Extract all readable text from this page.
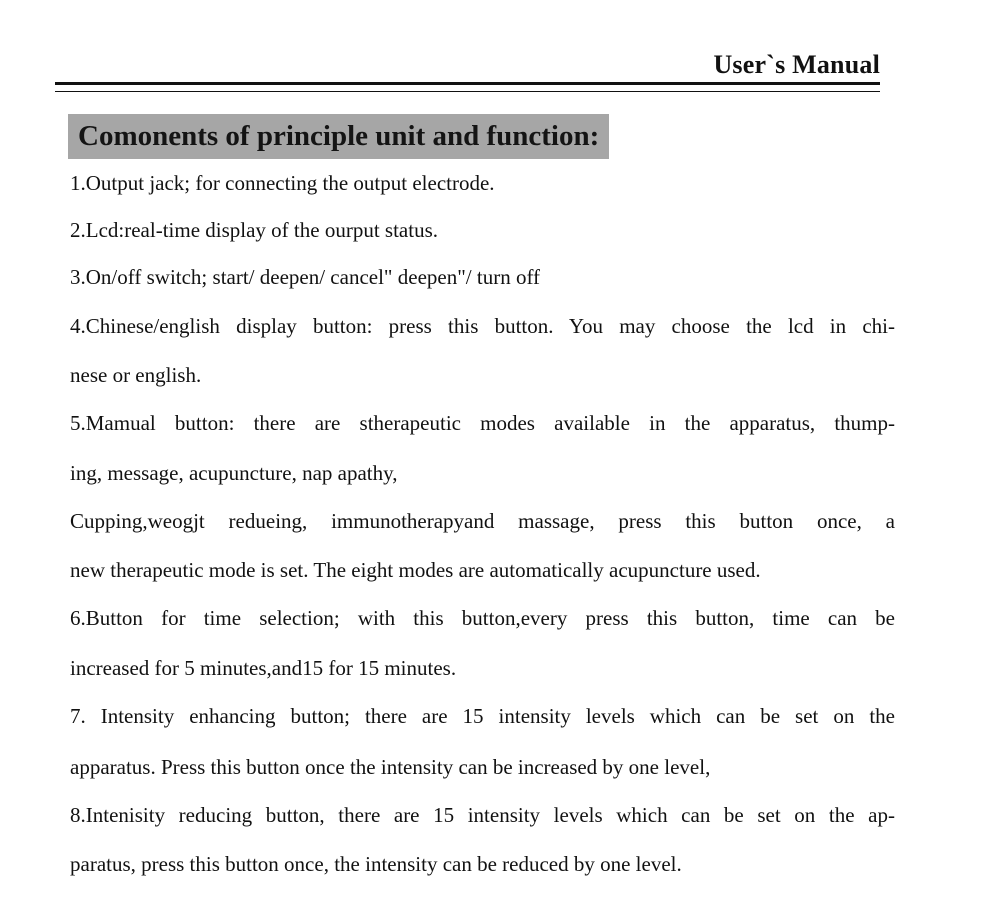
User`s Manual
Comonents of principle unit and function:
1.Output jack; for connecting the output electrode.
2.Lcd:real-time display of the ourput status.
3.On/off switch; start/ deepen/ cancel" deepen"/ turn off
4.Chinese/english display button: press this button. You may choose the lcd in chi-
nese or english.
5.Mamual button: there are stherapeutic modes available in the apparatus, thump-
ing, message, acupuncture, nap apathy,
Cupping,weogjt redueing, immunotherapyand massage, press this button once, a
new therapeutic mode is set. The eight modes are automatically acupuncture used.
6.Button for time selection; with this button,every press this button, time can be
increased for 5 minutes,and15 for 15 minutes.
7. Intensity enhancing button; there are 15 intensity levels which can be set on the
apparatus. Press this button once the intensity can be increased by one level,
8.Intenisity reducing button, there are 15 intensity levels which can be set on the ap-
paratus, press this button once, the intensity can be reduced by one level.
